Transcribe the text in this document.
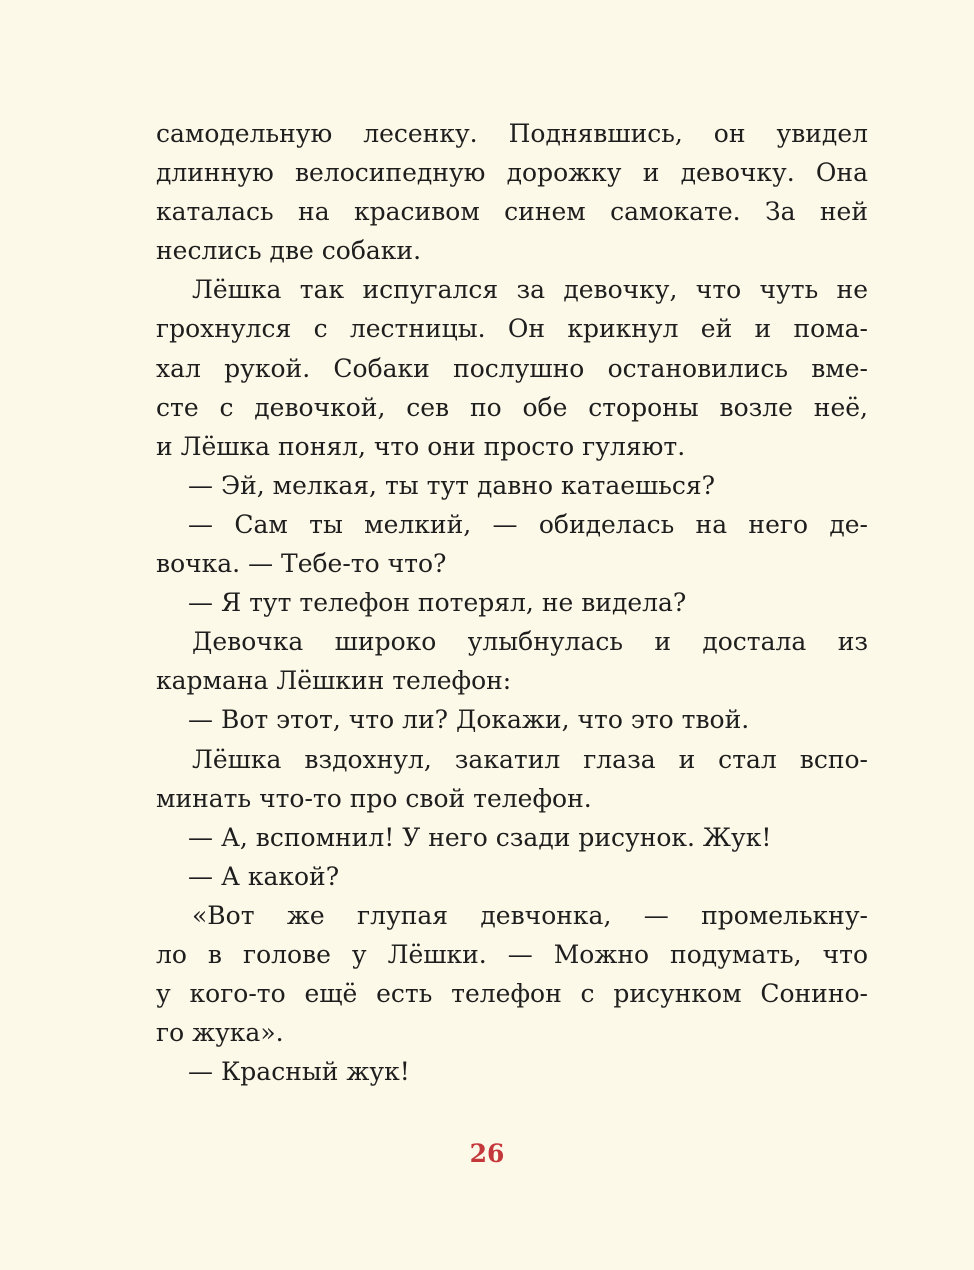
самодельную лесенку. Поднявшись, он увидел
длинную велосипедную дорожку и девочку. Она
каталась на красивом синем самокате. За ней
неслись две собаки.
Лёшка так испугался за девочку, что чуть не
грохнулся с лестницы. Он крикнул ей и пома-
хал рукой. Собаки послушно остановились вме-
сте с девочкой, сев по обе стороны возле неё,
и Лёшка понял, что они просто гуляют.
— Эй, мелкая, ты тут давно катаешься?
— Сам ты мелкий, — обиделась на него де-
вочка. — Тебе-то что?
— Я тут телефон потерял, не видела?
Девочка широко улыбнулась и достала из
кармана Лёшкин телефон:
— Вот этот, что ли? Докажи, что это твой.
Лёшка вздохнул, закатил глаза и стал вспо-
минать что-то про свой телефон.
— А, вспомнил! У него сзади рисунок. Жук!
— А какой?
«Вот же глупая девчонка, — промелькну-
ло в голове у Лёшки. — Можно подумать, что
у кого-то ещё есть телефон с рисунком Сонино-
го жука».
— Красный жук!
26
